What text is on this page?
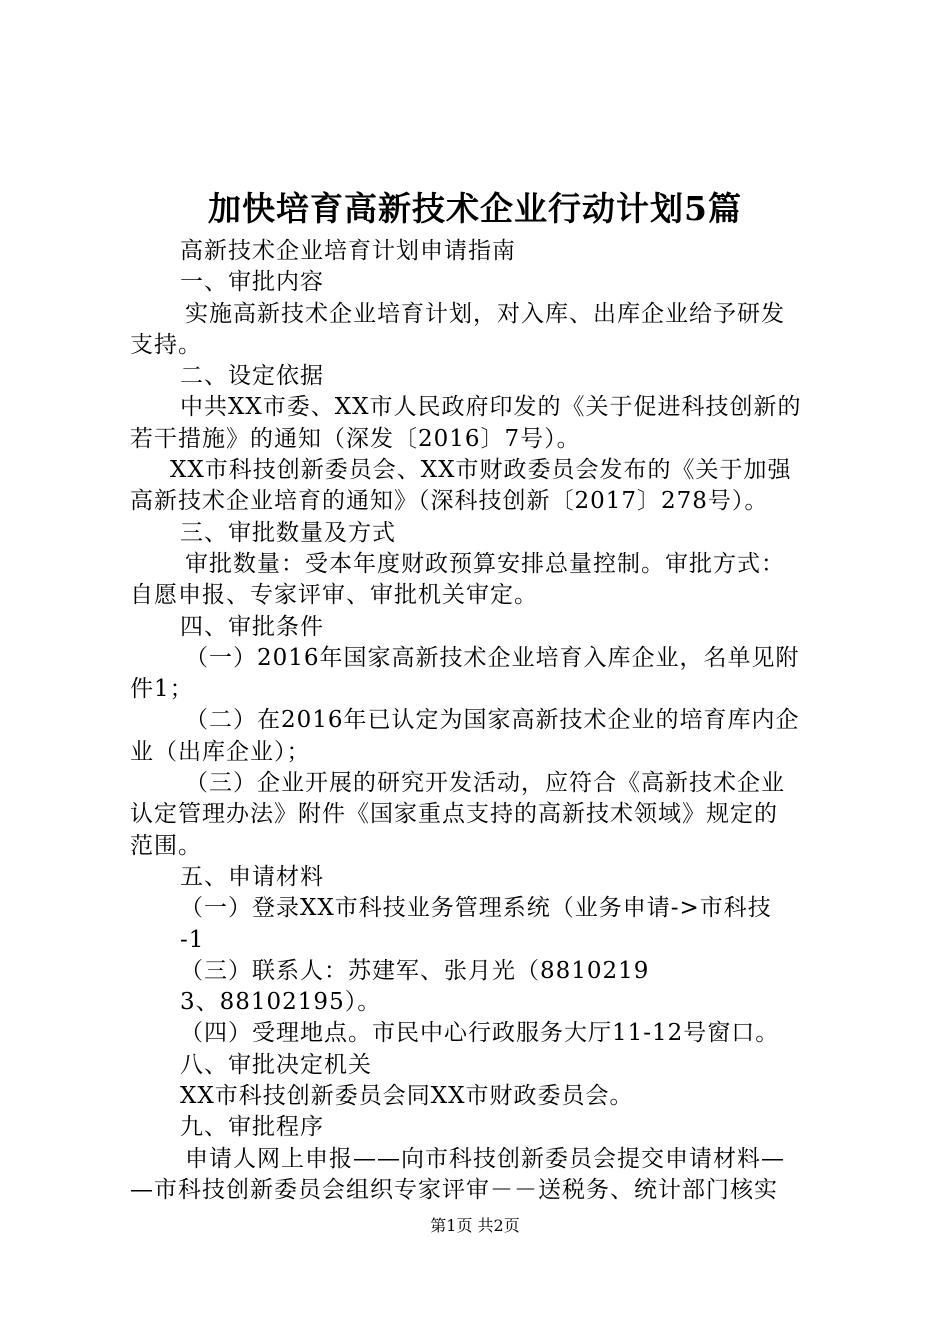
加快培育高新技术企业行动计划5篇
高新技术企业培育计划申请指南
一、审批内容
实施高新技术企业培育计划，对入库、出库企业给予研发
支持。
二、设定依据
中共XX市委、XX市人民政府印发的《关于促进科技创新的
若干措施》的通知（深发〔2016〕7号）。
XX市科技创新委员会、XX市财政委员会发布的《关于加强
高新技术企业培育的通知》（深科技创新〔2017〕278号）。
三、审批数量及方式
审批数量：受本年度财政预算安排总量控制。审批方式：
自愿申报、专家评审、审批机关审定。
四、审批条件
（一）2016年国家高新技术企业培育入库企业，名单见附
件1；
（二）在2016年已认定为国家高新技术企业的培育库内企
业（出库企业）；
（三）企业开展的研究开发活动，应符合《高新技术企业
认定管理办法》附件《国家重点支持的高新技术领域》规定的
范围。
五、申请材料
（一）登录XX市科技业务管理系统（业务申请->市科技
-1
（三）联系人：苏建军、张月光（8810219
3、88102195）。
（四）受理地点。市民中心行政服务大厅11-12号窗口。
八、审批决定机关
XX市科技创新委员会同XX市财政委员会。
九、审批程序
申请人网上申报——向市科技创新委员会提交申请材料—
—市科技创新委员会组织专家评审－－送税务、统计部门核实
第1页 共2页
